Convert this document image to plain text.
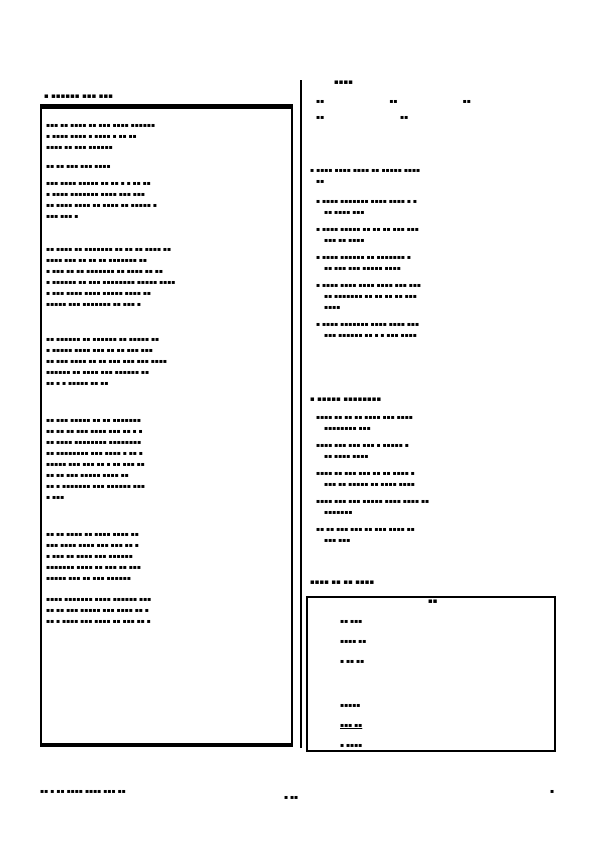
▪ ▪▪▪▪▪▪ ▪▪▪ ▪▪▪
▪▪▪ ▪▪ ▪▪▪▪ ▪▪ ▪▪▪ ▪▪▪▪ ▪▪▪▪▪▪
▪ ▪▪▪▪ ▪▪▪▪ ▪ ▪▪▪▪ ▪ ▪▪ ▪▪
▪▪▪▪ ▪▪ ▪▪▪ ▪▪▪▪▪▪
▪▪ ▪▪ ▪▪▪ ▪▪▪ ▪▪▪▪
▪▪▪ ▪▪▪▪ ▪▪▪▪▪ ▪▪ ▪▪ ▪ ▪ ▪▪ ▪▪
▪ ▪▪▪▪ ▪▪▪▪▪▪▪ ▪▪▪▪ ▪▪▪ ▪▪▪
▪▪ ▪▪▪▪ ▪▪▪▪ ▪▪ ▪▪▪▪ ▪▪ ▪▪▪▪▪ ▪
▪▪▪ ▪▪▪ ▪
▪▪ ▪▪▪▪ ▪▪ ▪▪▪▪▪▪▪ ▪▪ ▪▪ ▪▪ ▪▪▪▪ ▪▪
▪▪▪▪ ▪▪▪ ▪▪ ▪▪ ▪▪ ▪▪▪▪▪▪▪ ▪▪
▪ ▪▪▪ ▪▪ ▪▪ ▪▪▪▪▪▪▪ ▪▪ ▪▪▪▪ ▪▪ ▪▪
▪ ▪▪▪▪▪▪ ▪▪ ▪▪▪ ▪▪▪▪▪▪▪▪ ▪▪▪▪▪ ▪▪▪▪
▪ ▪▪▪ ▪▪▪▪ ▪▪▪▪ ▪▪▪▪▪ ▪▪▪▪ ▪▪
▪▪▪▪▪ ▪▪▪ ▪▪▪▪▪▪▪ ▪▪ ▪▪▪ ▪
▪▪ ▪▪▪▪▪▪ ▪▪ ▪▪▪▪▪▪ ▪▪ ▪▪▪▪▪ ▪▪
▪ ▪▪▪▪▪ ▪▪▪▪ ▪▪▪ ▪▪ ▪▪ ▪▪▪ ▪▪▪
▪▪ ▪▪▪ ▪▪▪▪ ▪▪ ▪▪ ▪▪▪ ▪▪▪ ▪▪▪ ▪▪▪▪
▪▪▪▪▪▪ ▪▪ ▪▪▪▪ ▪▪▪ ▪▪▪▪▪▪ ▪▪
▪▪ ▪ ▪ ▪▪▪▪▪ ▪▪ ▪▪
▪▪ ▪▪▪ ▪▪▪▪▪ ▪▪ ▪▪ ▪▪▪▪▪▪▪
▪▪ ▪▪ ▪▪ ▪▪▪ ▪▪▪▪ ▪▪▪ ▪▪ ▪ ▪
▪▪ ▪▪▪▪ ▪▪▪▪▪▪▪▪ ▪▪▪▪▪▪▪▪
▪▪ ▪▪▪▪▪▪▪▪ ▪▪▪ ▪▪▪▪ ▪ ▪▪ ▪
▪▪▪▪▪ ▪▪▪ ▪▪▪ ▪▪ ▪ ▪▪ ▪▪▪ ▪▪
▪▪ ▪▪ ▪▪▪ ▪▪▪▪▪ ▪▪▪▪ ▪▪
▪▪ ▪ ▪▪▪▪▪▪▪ ▪▪▪ ▪▪▪▪▪▪ ▪▪▪
▪ ▪▪▪
▪▪ ▪▪ ▪▪▪▪ ▪▪ ▪▪▪▪ ▪▪▪▪ ▪▪
▪▪▪ ▪▪▪▪ ▪▪▪▪ ▪▪▪ ▪▪▪ ▪▪ ▪
▪ ▪▪▪ ▪▪ ▪▪▪▪ ▪▪▪ ▪▪▪▪▪▪
▪▪▪▪▪▪▪ ▪▪▪▪ ▪▪ ▪▪▪ ▪▪ ▪▪▪
▪▪▪▪▪ ▪▪▪ ▪▪ ▪▪▪ ▪▪▪▪▪▪
▪▪▪▪ ▪▪▪▪▪▪▪ ▪▪▪▪ ▪▪▪▪▪▪ ▪▪▪
▪▪ ▪▪ ▪▪▪ ▪▪▪▪▪ ▪▪▪ ▪▪▪▪ ▪▪ ▪
▪▪ ▪ ▪▪▪▪ ▪▪▪ ▪▪▪▪ ▪▪ ▪▪▪ ▪▪ ▪
▪▪▪▪
▪▪	▪▪	▪▪
▪▪	▪▪
▪ ▪▪▪▪ ▪▪▪▪ ▪▪▪▪ ▪▪ ▪▪▪▪▪ ▪▪▪▪
▪▪
▪ ▪▪▪▪ ▪▪▪▪▪▪▪ ▪▪▪▪ ▪▪▪▪ ▪ ▪
▪▪ ▪▪▪▪ ▪▪▪
▪ ▪▪▪▪ ▪▪▪▪▪ ▪▪ ▪▪ ▪▪ ▪▪▪ ▪▪▪
▪▪▪ ▪▪ ▪▪▪▪
▪ ▪▪▪▪ ▪▪▪▪▪▪ ▪▪ ▪▪▪▪▪▪▪ ▪
▪▪ ▪▪▪ ▪▪▪ ▪▪▪▪▪ ▪▪▪▪
▪ ▪▪▪▪ ▪▪▪▪ ▪▪▪▪ ▪▪▪▪ ▪▪▪ ▪▪▪
▪▪ ▪▪▪▪▪▪▪ ▪▪ ▪▪ ▪▪ ▪▪ ▪▪▪
▪▪▪▪
▪ ▪▪▪▪ ▪▪▪▪▪▪▪ ▪▪▪▪ ▪▪▪▪ ▪▪▪
▪▪▪ ▪▪▪▪▪▪ ▪▪ ▪ ▪ ▪▪▪ ▪▪▪▪
▪ ▪▪▪▪▪ ▪▪▪▪▪▪▪▪
▪▪▪▪ ▪▪ ▪▪ ▪▪ ▪▪▪▪ ▪▪▪ ▪▪▪▪
▪▪▪▪▪▪▪▪ ▪▪▪
▪▪▪▪ ▪▪▪ ▪▪▪ ▪▪▪ ▪ ▪▪▪▪▪ ▪
▪▪ ▪▪▪▪ ▪▪▪▪
▪▪▪▪ ▪▪ ▪▪▪ ▪▪▪ ▪▪ ▪▪ ▪▪▪▪ ▪
▪▪▪ ▪▪ ▪▪▪▪▪ ▪▪ ▪▪▪▪ ▪▪▪▪
▪▪▪▪ ▪▪▪ ▪▪▪ ▪▪▪▪▪ ▪▪▪▪ ▪▪▪▪ ▪▪
▪▪▪▪▪▪▪
▪▪ ▪▪ ▪▪▪ ▪▪▪ ▪▪ ▪▪▪ ▪▪▪▪ ▪▪
▪▪▪ ▪▪▪
▪▪▪▪ ▪▪ ▪▪ ▪▪▪▪
▪▪
▪▪ ▪▪▪
▪▪▪▪ ▪▪
▪ ▪▪ ▪▪
▪▪▪▪▪
▪▪▪ ▪▪
▪ ▪▪▪▪
▪▪ ▪ ▪▪ ▪▪▪▪ ▪▪▪▪ ▪▪▪ ▪▪
▪ ▪▪
▪
